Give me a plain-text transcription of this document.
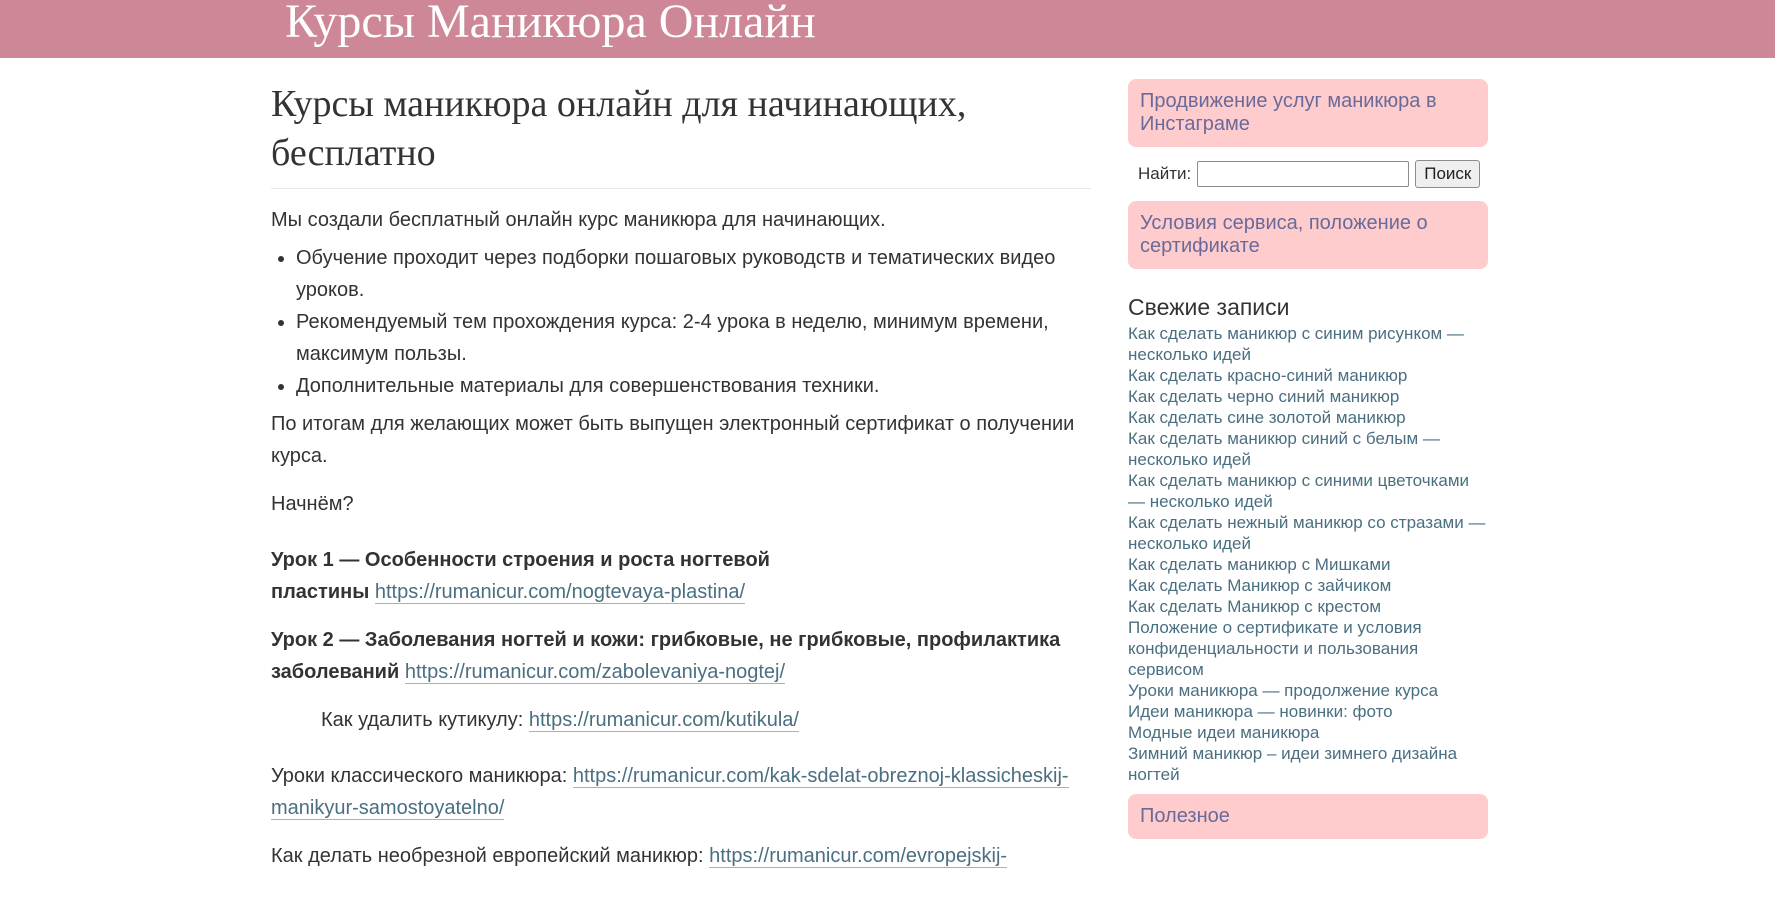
Курсы Маникюра Онлайн
Курсы маникюра онлайн для начинающих, бесплатно

Мы создали бесплатный онлайн курс маникюра для начинающих.

• Обучение проходит через подборки пошаговых руководств и тематических видео уроков.
• Рекомендуемый тем прохождения курса: 2-4 урока в неделю, минимум времени, максимум пользы.
• Дополнительные материалы для совершенствования техники.

По итогам для желающих может быть выпущен электронный сертификат о получении курса.

Начнём?

Урок 1 — Особенности строения и роста ногтевой пластины https://rumanicur.com/nogtevaya-plastina/

Урок 2 — Заболевания ногтей и кожи: грибковые, не грибковые, профилактика заболеваний https://rumanicur.com/zabolevaniya-nogtej/

Как удалить кутикулу: https://rumanicur.com/kutikula/

Уроки классического маникюра: https://rumanicur.com/kak-sdelat-obreznoj-klassicheskij-manikyur-samostoyatelno/

Как делать необрезной европейский маникюр: https://rumanicur.com/evropejskij-

Продвижение услуг маникюра в Инстаграме
Найти:	Поиск
Условия сервиса, положение о сертификате
Свежие записи
Как сделать маникюр с синим рисунком — несколько идей
Как сделать красно-синий маникюр
Как сделать черно синий маникюр
Как сделать сине золотой маникюр
Как сделать маникюр синий с белым — несколько идей
Как сделать маникюр с синими цветочками — несколько идей
Как сделать нежный маникюр со стразами — несколько идей
Как сделать маникюр с Мишками
Как сделать Маникюр с зайчиком
Как сделать Маникюр с крестом
Положение о сертификате и условия конфиденциальности и пользования сервисом
Уроки маникюра — продолжение курса
Идеи маникюра — новинки: фото
Модные идеи маникюра
Зимний маникюр – идеи зимнего дизайна ногтей
Полезное
